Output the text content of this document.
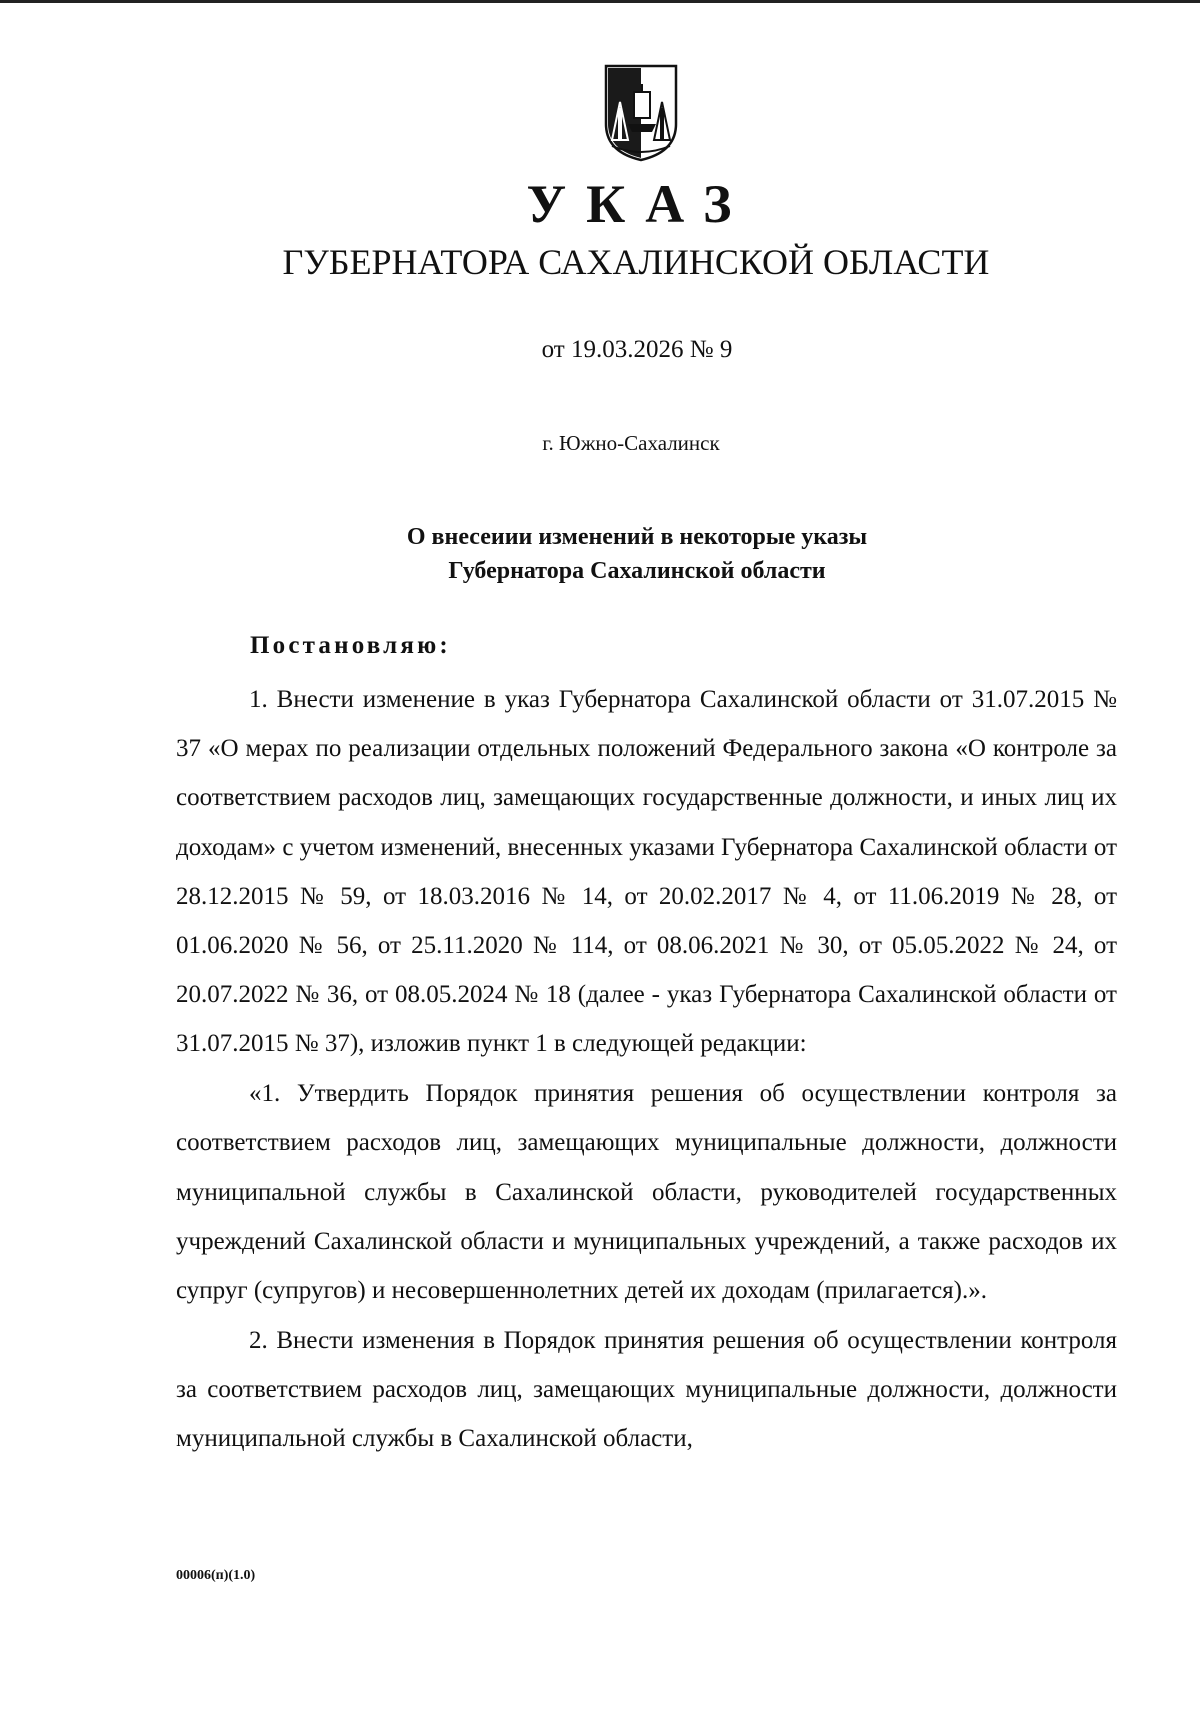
УКАЗ
ГУБЕРНАТОРА САХАЛИНСКОЙ ОБЛАСТИ
от 19.03.2026 № 9
г. Южно-Сахалинск
О внесеиии изменений в некоторые указы
Губернатора Сахалинской области
Постановляю:

1. Внести изменение в указ Губернатора Сахалинской области от 31.07.2015 № 37 «О мерах по реализации отдельных положений Федерального закона «О контроле за соответствием расходов лиц, замещающих государственные должности, и иных лиц их доходам» с учетом изменений, внесенных указами Губернатора Сахалинской области от 28.12.2015 № 59, от 18.03.2016 № 14, от 20.02.2017 № 4, от 11.06.2019 № 28, от 01.06.2020 № 56, от 25.11.2020 № 114, от 08.06.2021 № 30, от 05.05.2022 № 24, от 20.07.2022 № 36, от 08.05.2024 № 18 (далее - указ Губернатора Сахалинской области от 31.07.2015 № 37), изложив пункт 1 в следующей редакции:

«1. Утвердить Порядок принятия решения об осуществлении контроля за соответствием расходов лиц, замещающих муниципальные должности, должности муниципальной службы в Сахалинской области, руководителей государственных учреждений Сахалинской области и муниципальных учреждений, а также расходов их супруг (супругов) и несовершеннолетних детей их доходам (прилагается).».

2. Внести изменения в Порядок принятия решения об осуществлении контроля за соответствием расходов лиц, замещающих муниципальные должности, должности муниципальной службы в Сахалинской области,

00006(п)(1.0)
